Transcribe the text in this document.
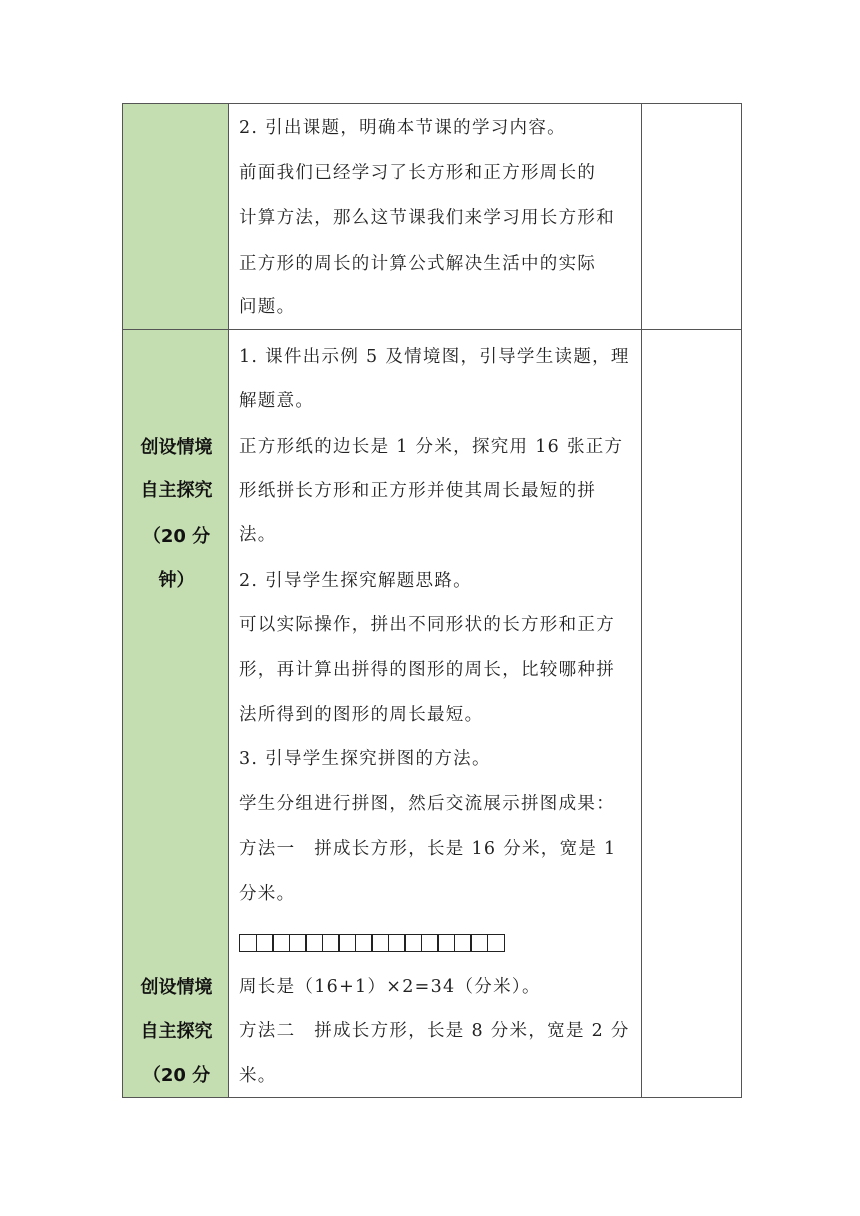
2. 引出课题，明确本节课的学习内容。
前面我们已经学习了长方形和正方形周长的
计算方法，那么这节课我们来学习用长方形和
正方形的周长的计算公式解决生活中的实际
问题。
创设情境
自主探究
（20 分
钟）
创设情境
自主探究
（20 分
1. 课件出示例 5 及情境图，引导学生读题，理
解题意。
正方形纸的边长是 1 分米，探究用 16 张正方
形纸拼长方形和正方形并使其周长最短的拼
法。
2. 引导学生探究解题思路。
可以实际操作，拼出不同形状的长方形和正方
形，再计算出拼得的图形的周长，比较哪种拼
法所得到的图形的周长最短。
3. 引导学生探究拼图的方法。
学生分组进行拼图，然后交流展示拼图成果：
方法一　拼成长方形，长是 16 分米，宽是 1
分米。
周长是（16+1）×2=34（分米）。
方法二　拼成长方形，长是 8 分米，宽是 2 分
米。
